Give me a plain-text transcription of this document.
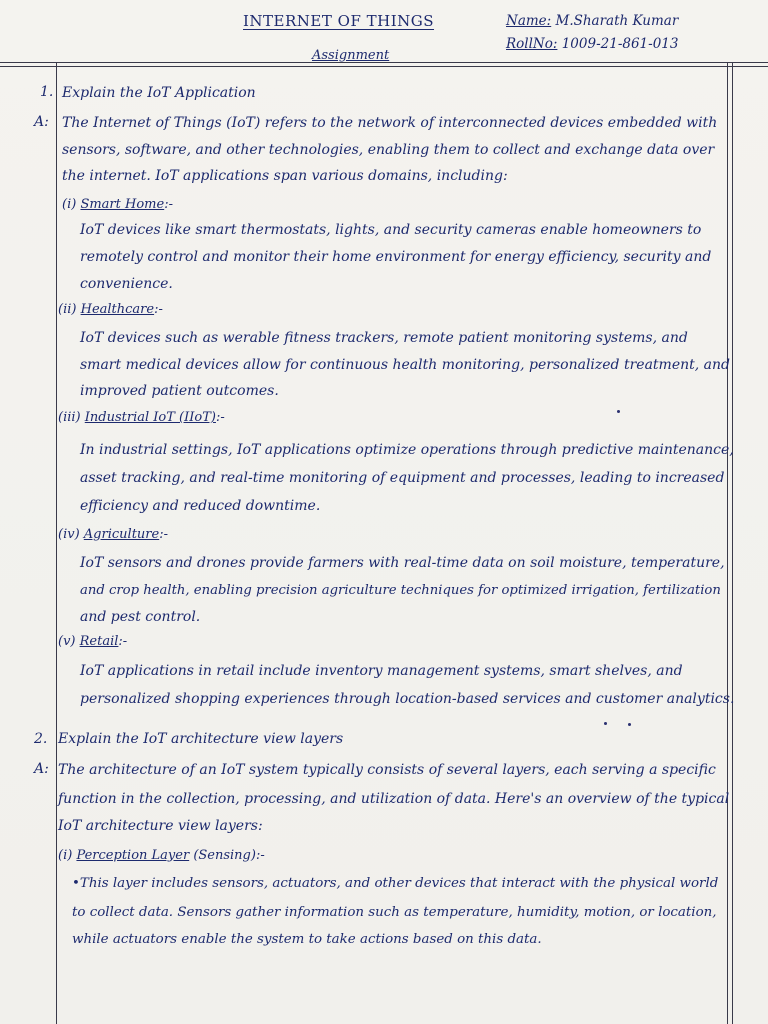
INTERNET OF THINGS	Name: M.Sharath Kumar
RollNo: 1009-21-861-013
Assignment
1. Explain the IoT Application
A: The Internet of Things (IoT) refers to the network of interconnected devices embedded with
sensors, software, and other technologies, enabling them to collect and exchange data over
the internet. IoT applications span various domains, including:
(i) Smart Home:-
IoT devices like smart thermostats, lights, and security cameras enable homeowners to
remotely control and monitor their home environment for energy efficiency, security and
convenience.
(ii) Healthcare:-
IoT devices such as werable fitness trackers, remote patient monitoring systems, and
smart medical devices allow for continuous health monitoring, personalized treatment, and
improved patient outcomes.
(iii) Industrial IoT (IIoT):-
In industrial settings, IoT applications optimize operations through predictive maintenance,
asset tracking, and real-time monitoring of equipment and processes, leading to increased
efficiency and reduced downtime.
(iv) Agriculture:-
IoT sensors and drones provide farmers with real-time data on soil moisture, temperature,
and crop health, enabling precision agriculture techniques for optimized irrigation, fertilization
and pest control.
(v) Retail:-
IoT applications in retail include inventory management systems, smart shelves, and
personalized shopping experiences through location-based services and customer analytics.
2. Explain the IoT architecture view layers
A: The architecture of an IoT system typically consists of several layers, each serving a specific
function in the collection, processing, and utilization of data. Here's an overview of the typical
IoT architecture view layers:
(i) Perception Layer (Sensing):-
•This layer includes sensors, actuators, and other devices that interact with the physical world
to collect data. Sensors gather information such as temperature, humidity, motion, or location,
while actuators enable the system to take actions based on this data.
